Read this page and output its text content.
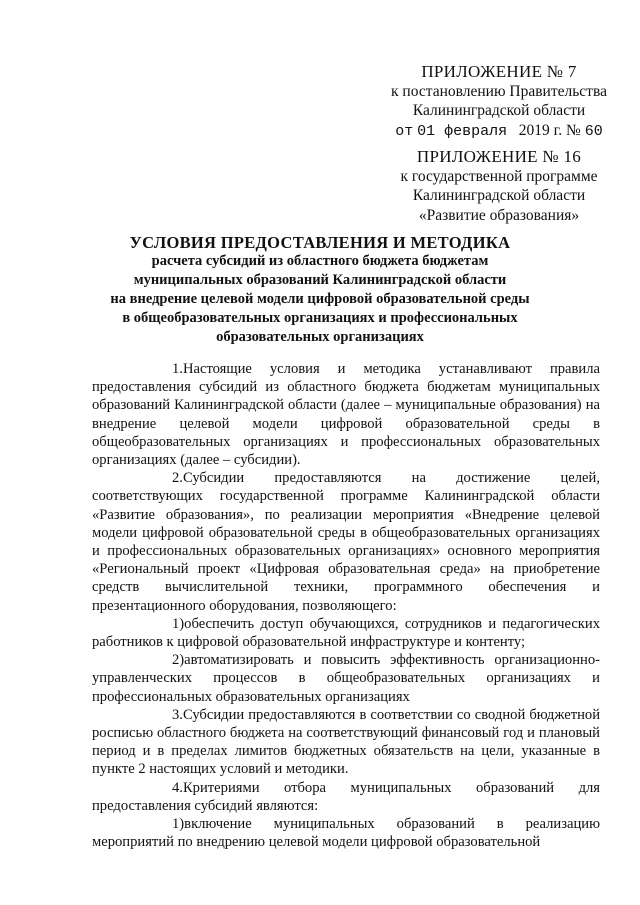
ПРИЛОЖЕНИЕ № 7
к постановлению Правительства
Калининградской области
от 01 февраля 2019 г. № 60
ПРИЛОЖЕНИЕ № 16
к государственной программе
Калининградской области
«Развитие образования»
УСЛОВИЯ ПРЕДОСТАВЛЕНИЯ И МЕТОДИКА
расчета субсидий из областного бюджета бюджетам
муниципальных образований Калининградской области
на внедрение целевой модели цифровой образовательной среды
в общеобразовательных организациях и профессиональных
образовательных организациях

1.Настоящие условия и методика устанавливают правила предоставления субсидий из областного бюджета бюджетам муниципальных образований Калининградской области (далее – муниципальные образования) на внедрение целевой модели цифровой образовательной среды в общеобразовательных организациях и профессиональных образовательных организациях (далее – субсидии).

2.Субсидии предоставляются на достижение целей, соответствующих государственной программе Калининградской области «Развитие образования», по реализации мероприятия «Внедрение целевой модели цифровой образовательной среды в общеобразовательных организациях и профессиональных образовательных организациях» основного мероприятия «Региональный проект «Цифровая образовательная среда» на приобретение средств вычислительной техники, программного обеспечения и презентационного оборудования, позволяющего:

1)обеспечить доступ обучающихся, сотрудников и педагогических работников к цифровой образовательной инфраструктуре и контенту;

2)автоматизировать и повысить эффективность организационно-управленческих процессов в общеобразовательных организациях и профессиональных образовательных организациях

3.Субсидии предоставляются в соответствии со сводной бюджетной росписью областного бюджета на соответствующий финансовый год и плановый период и в пределах лимитов бюджетных обязательств на цели, указанные в пункте 2 настоящих условий и методики.

4.Критериями отбора муниципальных образований для предоставления субсидий являются:

1)включение муниципальных образований в реализацию мероприятий по внедрению целевой модели цифровой образовательной
